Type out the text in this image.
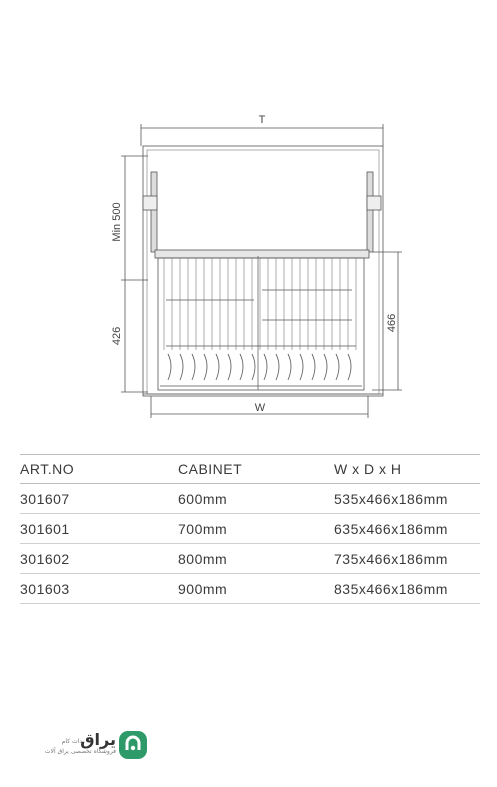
T
W
Min 500
426
466
ART.NO	CABINET	W x D x H
301607	600mm	535x466x186mm
301601	700mm	635x466x186mm
301602	800mm	735x466x186mm
301603	900mm	835x466x186mm
یراق
دات کام
فروشگاه تخصصی یراق آلات
